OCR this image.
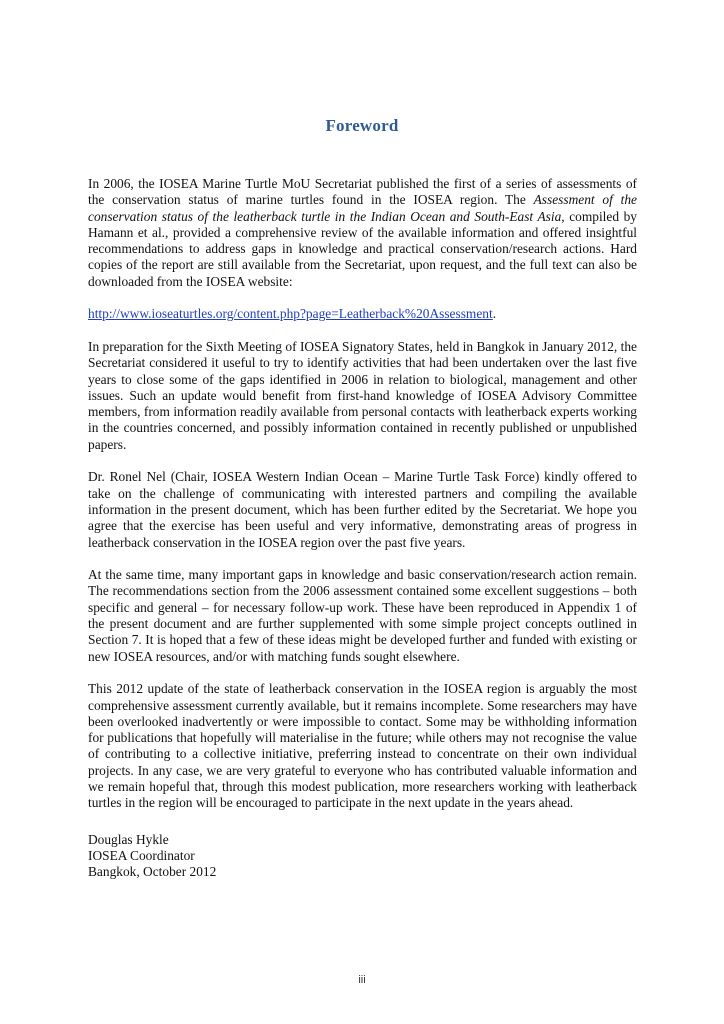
Foreword

In 2006, the IOSEA Marine Turtle MoU Secretariat published the first of a series of assessments of the conservation status of marine turtles found in the IOSEA region. The Assessment of the conservation status of the leatherback turtle in the Indian Ocean and South-East Asia, compiled by Hamann et al., provided a comprehensive review of the available information and offered insightful recommendations to address gaps in knowledge and practical conservation/research actions. Hard copies of the report are still available from the Secretariat, upon request, and the full text can also be downloaded from the IOSEA website:

http://www.ioseaturtles.org/content.php?page=Leatherback%20Assessment.

In preparation for the Sixth Meeting of IOSEA Signatory States, held in Bangkok in January 2012, the Secretariat considered it useful to try to identify activities that had been undertaken over the last five years to close some of the gaps identified in 2006 in relation to biological, management and other issues. Such an update would benefit from first-hand knowledge of IOSEA Advisory Committee members, from information readily available from personal contacts with leatherback experts working in the countries concerned, and possibly information contained in recently published or unpublished papers.

Dr. Ronel Nel (Chair, IOSEA Western Indian Ocean – Marine Turtle Task Force) kindly offered to take on the challenge of communicating with interested partners and compiling the available information in the present document, which has been further edited by the Secretariat. We hope you agree that the exercise has been useful and very informative, demonstrating areas of progress in leatherback conservation in the IOSEA region over the past five years.

At the same time, many important gaps in knowledge and basic conservation/research action remain. The recommendations section from the 2006 assessment contained some excellent suggestions – both specific and general – for necessary follow-up work. These have been reproduced in Appendix 1 of the present document and are further supplemented with some simple project concepts outlined in Section 7. It is hoped that a few of these ideas might be developed further and funded with existing or new IOSEA resources, and/or with matching funds sought elsewhere.

This 2012 update of the state of leatherback conservation in the IOSEA region is arguably the most comprehensive assessment currently available, but it remains incomplete. Some researchers may have been overlooked inadvertently or were impossible to contact. Some may be withholding information for publications that hopefully will materialise in the future; while others may not recognise the value of contributing to a collective initiative, preferring instead to concentrate on their own individual projects. In any case, we are very grateful to everyone who has contributed valuable information and we remain hopeful that, through this modest publication, more researchers working with leatherback turtles in the region will be encouraged to participate in the next update in the years ahead.

Douglas Hykle
IOSEA Coordinator
Bangkok, October 2012
iii
